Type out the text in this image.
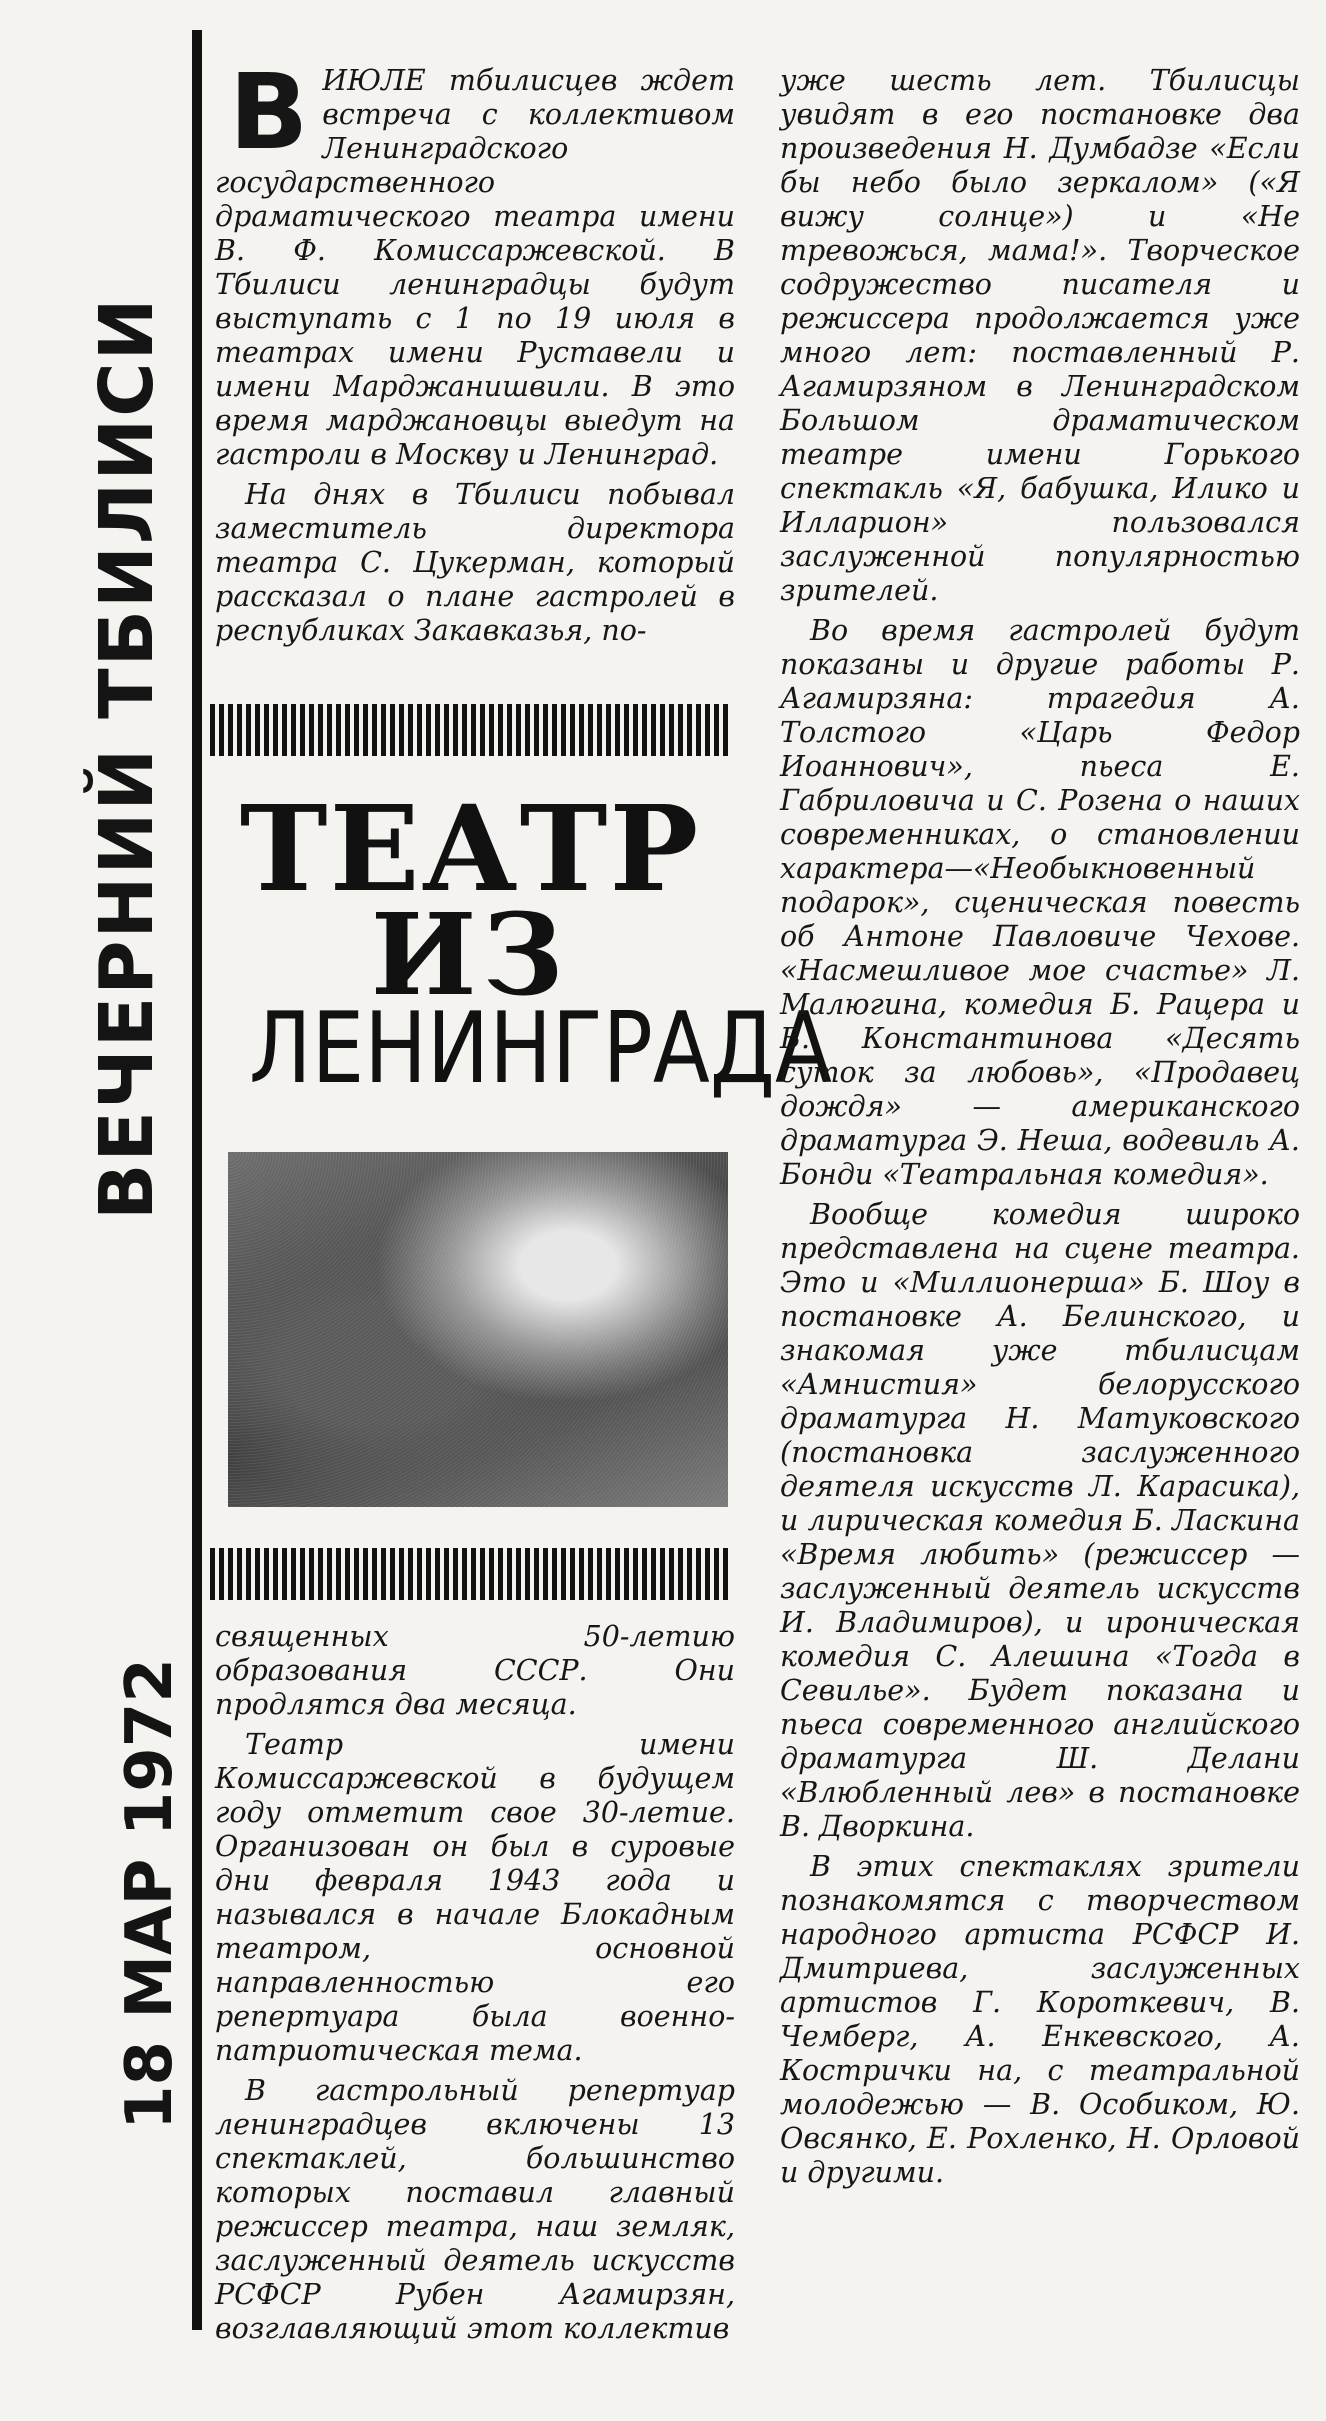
ВЕЧЕРНИЙ ТБИЛИСИ
18 МАР 1972

В ИЮЛЕ тбилисцев ждет встреча с коллективом Ленинградского государственного драматического театра имени В. Ф. Комиссаржевской. В Тбилиси ленинградцы будут выступать с 1 по 19 июля в театрах имени Руставели и имени Марджанишвили. В это время марджановцы выедут на гастроли в Москву и Ленинград.

На днях в Тбилиси побывал заместитель директора театра С. Цукерман, который рассказал о плане гастролей в республиках Закавказья, по-

ТЕАТР
ИЗ
ЛЕНИНГРАДА

священных 50-летию образования СССР. Они продлятся два месяца.

Театр имени Комиссаржевской в будущем году отметит свое 30-летие. Организован он был в суровые дни февраля 1943 года и назывался в начале Блокадным театром, основной направленностью его репертуара была военно-патриотическая тема.

В гастрольный репертуар ленинградцев включены 13 спектаклей, большинство которых поставил главный режиссер театра, наш земляк, заслуженный деятель искусств РСФСР Рубен Агамирзян, возглавляющий этот коллектив

уже шесть лет. Тбилисцы увидят в его постановке два произведения Н. Думбадзе «Если бы небо было зеркалом» («Я вижу солнце») и «Не тревожься, мама!». Творческое содружество писателя и режиссера продолжается уже много лет: поставленный Р. Агамирзяном в Ленинградском Большом драматическом театре имени Горького спектакль «Я, бабушка, Илико и Илларион» пользовался заслуженной популярностью зрителей.

Во время гастролей будут показаны и другие работы Р. Агамирзяна: трагедия А. Толстого «Царь Федор Иоаннович», пьеса Е. Габриловича и С. Розена о наших современниках, о становлении характера—«Необыкновенный подарок», сценическая повесть об Антоне Павловиче Чехове. «Насмешливое мое счастье» Л. Малюгина, комедия Б. Рацера и В. Константинова «Десять суток за любовь», «Продавец дождя» — американского драматурга Э. Неша, водевиль А. Бонди «Театральная комедия».

Вообще комедия широко представлена на сцене театра. Это и «Миллионерша» Б. Шоу в постановке А. Белинского, и знакомая уже тбилисцам «Амнистия» белорусского драматурга Н. Матуковского (постановка заслуженного деятеля искусств Л. Карасика), и лирическая комедия Б. Ласкина «Время любить» (режиссер — заслуженный деятель искусств И. Владимиров), и ироническая комедия С. Алешина «Тогда в Севилье». Будет показана и пьеса современного английского драматурга Ш. Делани «Влюбленный лев» в постановке В. Дворкина.

В этих спектаклях зрители познакомятся с творчеством народного артиста РСФСР И. Дмитриева, заслуженных артистов Г. Короткевич, В. Чемберг, А. Енкевского, А. Кострички на, с театральной молодежью — В. Особиком, Ю. Овсянко, Е. Рохленко, Н. Орловой и другими.
